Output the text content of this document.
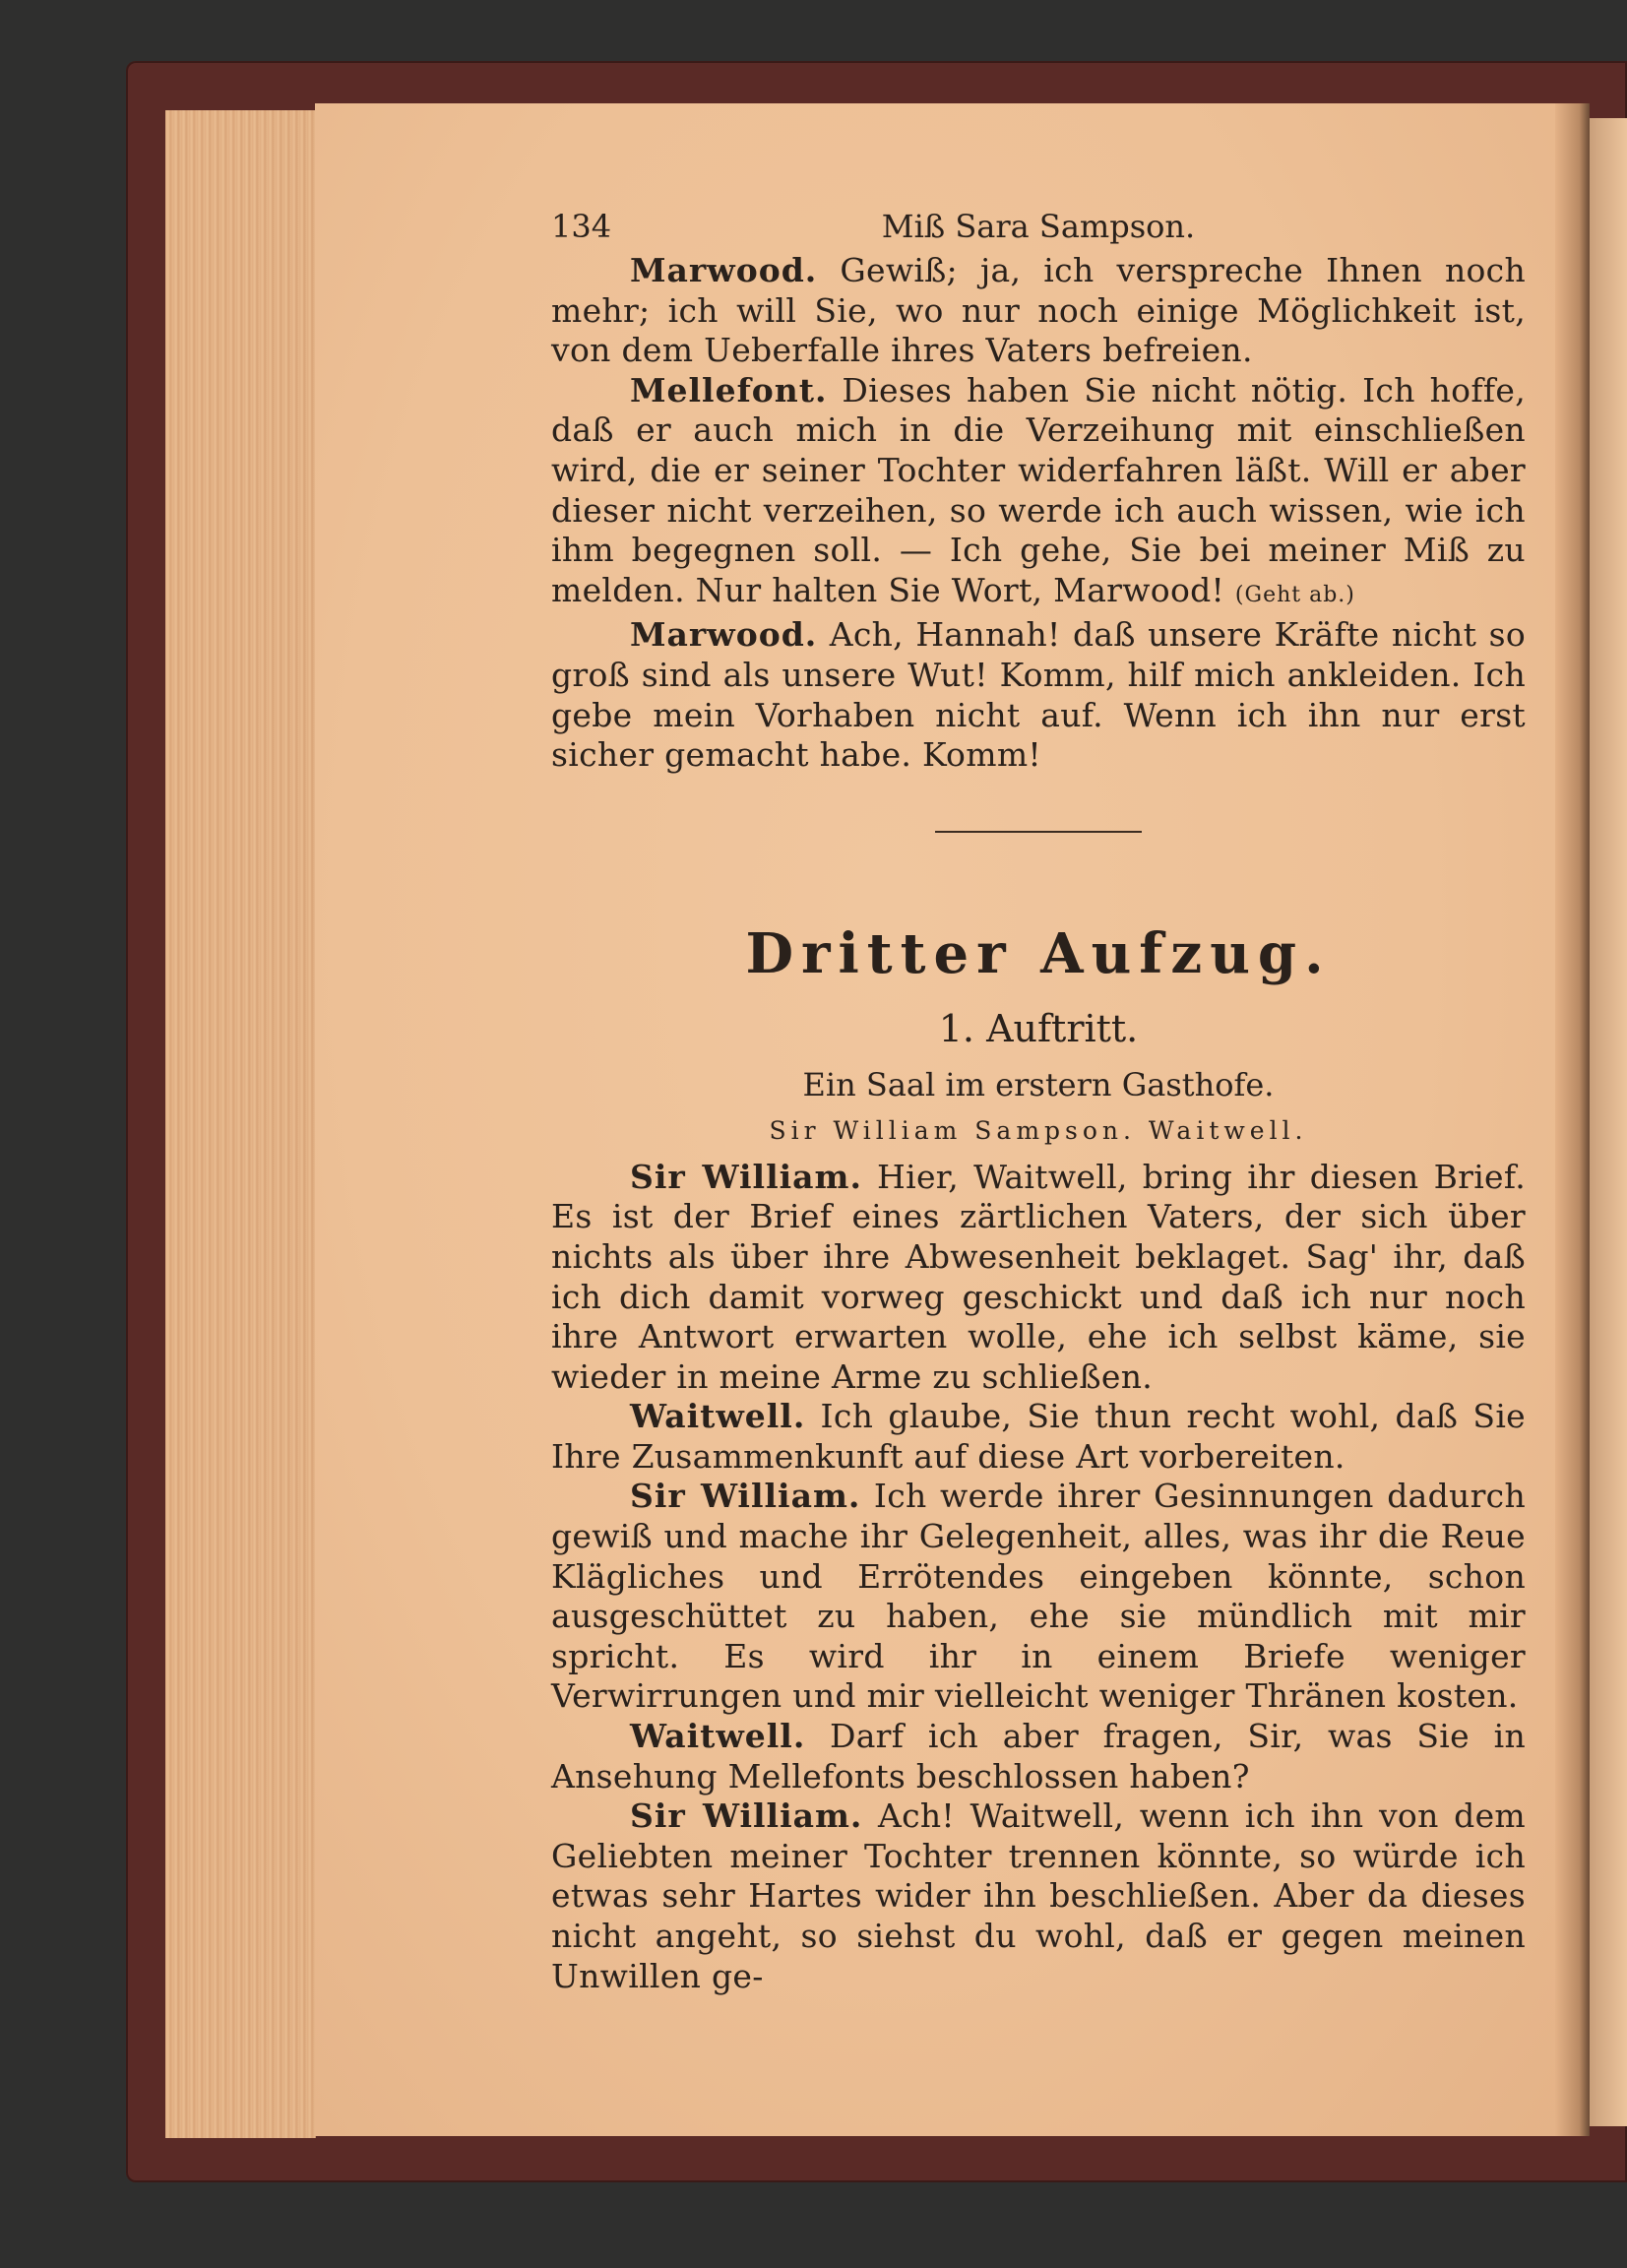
134	Miß Sara Sampson.

Marwood. Gewiß; ja, ich verspreche Ihnen noch mehr; ich will Sie, wo nur noch einige Möglichkeit ist, von dem Ueberfalle ihres Vaters befreien.

Mellefont. Dieses haben Sie nicht nötig. Ich hoffe, daß er auch mich in die Verzeihung mit einschließen wird, die er seiner Tochter widerfahren läßt. Will er aber dieser nicht verzeihen, so werde ich auch wissen, wie ich ihm begegnen soll. — Ich gehe, Sie bei meiner Miß zu melden. Nur halten Sie Wort, Marwood! (Geht ab.)

Marwood. Ach, Hannah! daß unsere Kräfte nicht so groß sind als unsere Wut! Komm, hilf mich ankleiden. Ich gebe mein Vorhaben nicht auf. Wenn ich ihn nur erst sicher gemacht habe. Komm!

Dritter Aufzug.
1. Auftritt.
Ein Saal im erstern Gasthofe.
Sir William Sampson. Waitwell.

Sir William. Hier, Waitwell, bring ihr diesen Brief. Es ist der Brief eines zärtlichen Vaters, der sich über nichts als über ihre Abwesenheit beklaget. Sag' ihr, daß ich dich damit vorweg geschickt und daß ich nur noch ihre Antwort erwarten wolle, ehe ich selbst käme, sie wieder in meine Arme zu schließen.

Waitwell. Ich glaube, Sie thun recht wohl, daß Sie Ihre Zusammenkunft auf diese Art vorbereiten.

Sir William. Ich werde ihrer Gesinnungen dadurch gewiß und mache ihr Gelegenheit, alles, was ihr die Reue Klägliches und Errötendes eingeben könnte, schon ausgeschüttet zu haben, ehe sie mündlich mit mir spricht. Es wird ihr in einem Briefe weniger Verwirrungen und mir vielleicht weniger Thränen kosten.

Waitwell. Darf ich aber fragen, Sir, was Sie in Ansehung Mellefonts beschlossen haben?

Sir William. Ach! Waitwell, wenn ich ihn von dem Geliebten meiner Tochter trennen könnte, so würde ich etwas sehr Hartes wider ihn beschließen. Aber da dieses nicht angeht, so siehst du wohl, daß er gegen meinen Unwillen ge-
